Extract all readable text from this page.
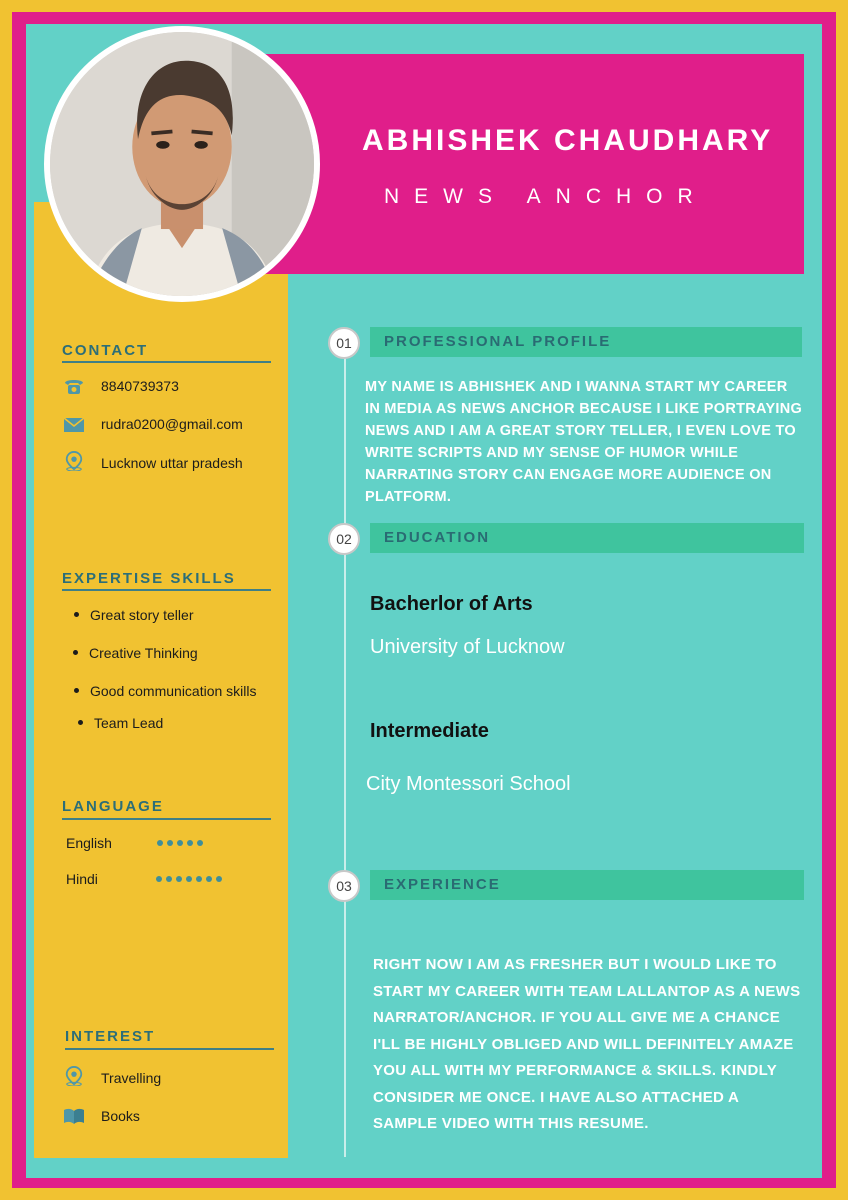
ABHISHEK CHAUDHARY
NEWS ANCHOR
CONTACT
8840739373
rudra0200@gmail.com
Lucknow uttar pradesh
EXPERTISE SKILLS
Great story teller
Creative Thinking
Good communication skills
Team Lead
LANGUAGE
English
Hindi
INTEREST
Travelling
Books
01	PROFESSIONAL PROFILE
MY NAME IS ABHISHEK AND I WANNA START MY CAREER IN MEDIA AS NEWS ANCHOR BECAUSE I LIKE PORTRAYING NEWS AND I AM A GREAT STORY TELLER, I EVEN LOVE TO WRITE SCRIPTS AND MY SENSE OF HUMOR WHILE NARRATING STORY CAN ENGAGE MORE AUDIENCE ON PLATFORM.
02	EDUCATION
Bacherlor of Arts
University of Lucknow
Intermediate
City Montessori School
03	EXPERIENCE
RIGHT NOW I AM AS FRESHER BUT I WOULD LIKE TO START MY CAREER WITH TEAM LALLANTOP AS A NEWS NARRATOR/ANCHOR. IF YOU ALL GIVE ME A CHANCE I'LL BE HIGHLY OBLIGED AND WILL DEFINITELY AMAZE YOU ALL WITH MY PERFORMANCE & SKILLS. KINDLY CONSIDER ME ONCE. I HAVE ALSO ATTACHED A SAMPLE VIDEO WITH THIS RESUME.
